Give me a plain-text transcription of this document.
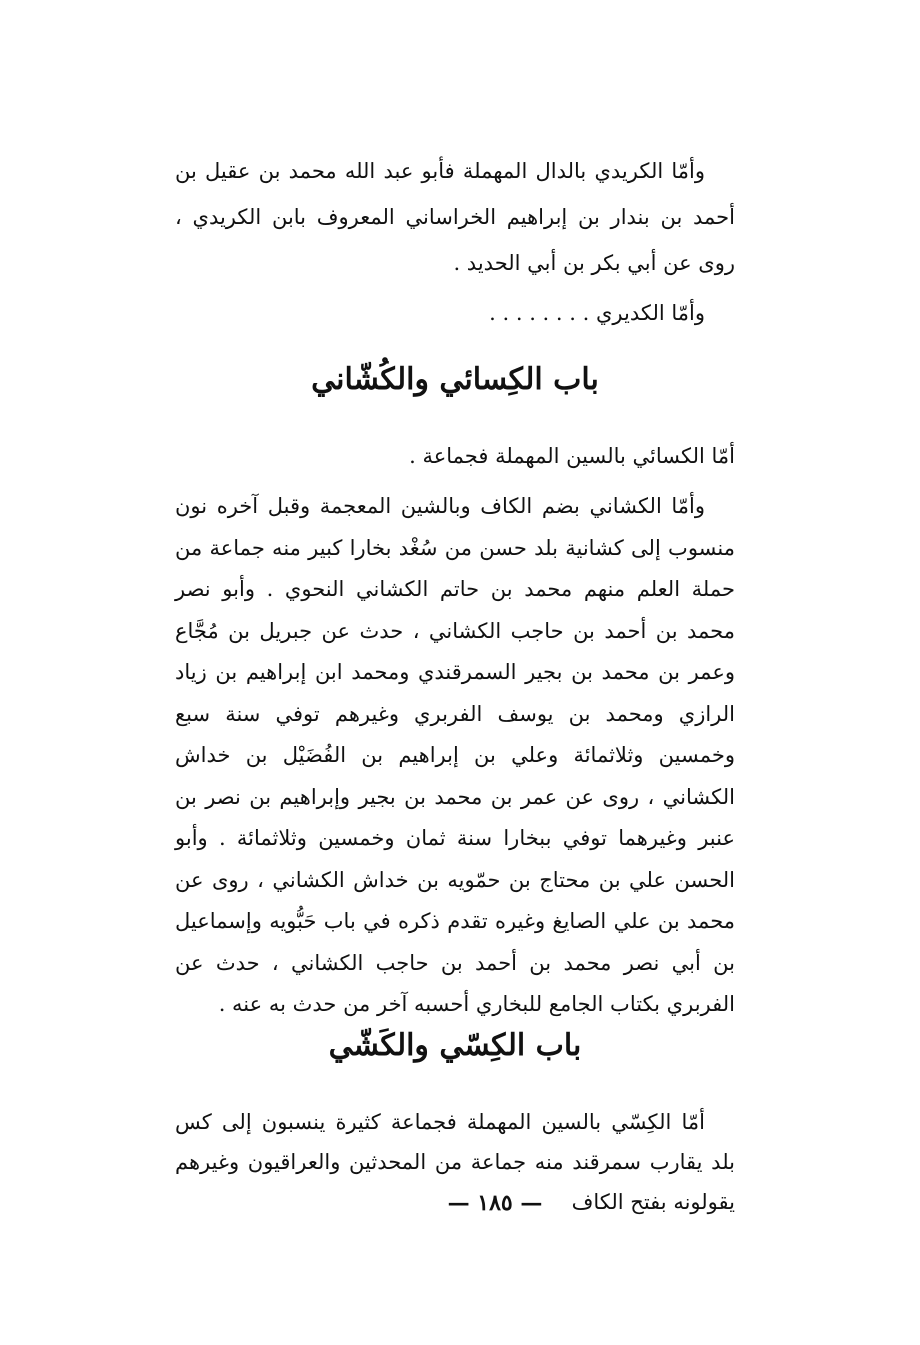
وأمّا الكريدي بالدال المهملة فأبو عبد الله محمد بن عقيل بن أحمد بن بندار بن إبراهيم الخراساني المعروف بابن الكريدي ، روى عن أبي بكر بن أبي الحديد .

وأمّا الكديري . . . . . . . .

باب الكِسائي والكُشّاني

أمّا الكسائي بالسين المهملة فجماعة .

وأمّا الكشاني بضم الكاف وبالشين المعجمة وقبل آخره نون منسوب إلى كشانية بلد حسن من سُغْد بخارا كبير منه جماعة من حملة العلم منهم محمد بن حاتم الكشاني النحوي . وأبو نصر محمد بن أحمد بن حاجب الكشاني ، حدث عن جبريل بن مُجَّاع وعمر بن محمد بن بجير السمرقندي ومحمد ابن إبراهيم بن زياد الرازي ومحمد بن يوسف الفربري وغيرهم توفي سنة سبع وخمسين وثلاثمائة وعلي بن إبراهيم بن الفُضَيْل بن خداش الكشاني ، روى عن عمر بن محمد بن بجير وإبراهيم بن نصر بن عنبر وغيرهما توفي ببخارا سنة ثمان وخمسين وثلاثمائة . وأبو الحسن علي بن محتاج بن حمّويه بن خداش الكشاني ، روى عن محمد بن علي الصايغ وغيره تقدم ذكره في باب حَبُّويه وإسماعيل بن أبي نصر محمد بن أحمد بن حاجب الكشاني ، حدث عن الفربري بكتاب الجامع للبخاري أحسبه آخر من حدث به عنه .

باب الكِسّي والكَشّي

أمّا الكِسّي بالسين المهملة فجماعة كثيرة ينسبون إلى كس بلد يقارب سمرقند منه جماعة من المحدثين والعراقيون وغيرهم يقولونه بفتح الكاف

— ١٨٥ —
